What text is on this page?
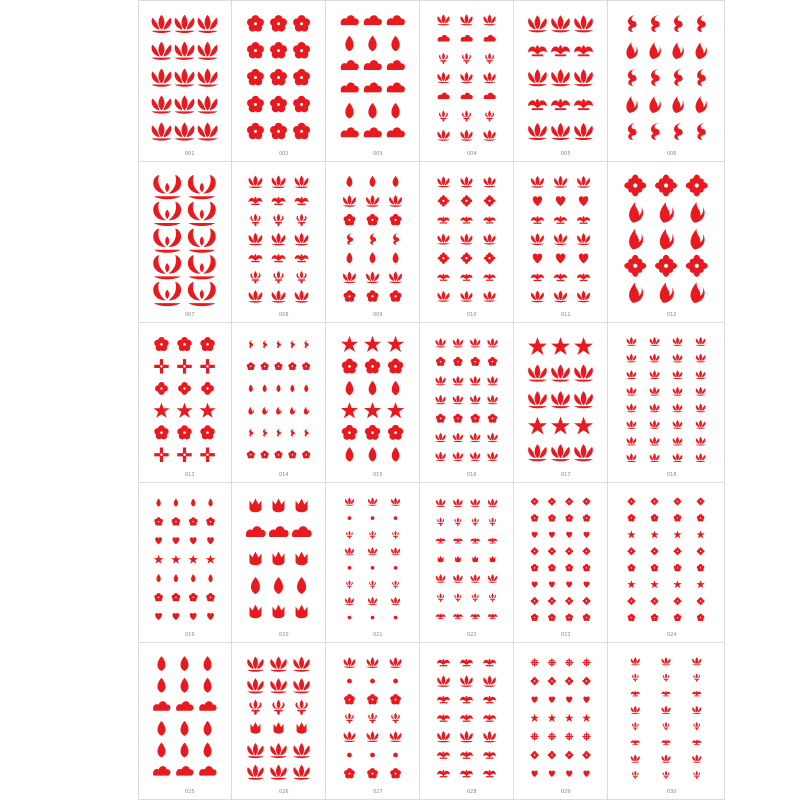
001	002	003	004	005	006
007	008	009	010	011	012
013	014	015	016	017	018
019	020	021	022	023	024
025	026	027	028	029	030
